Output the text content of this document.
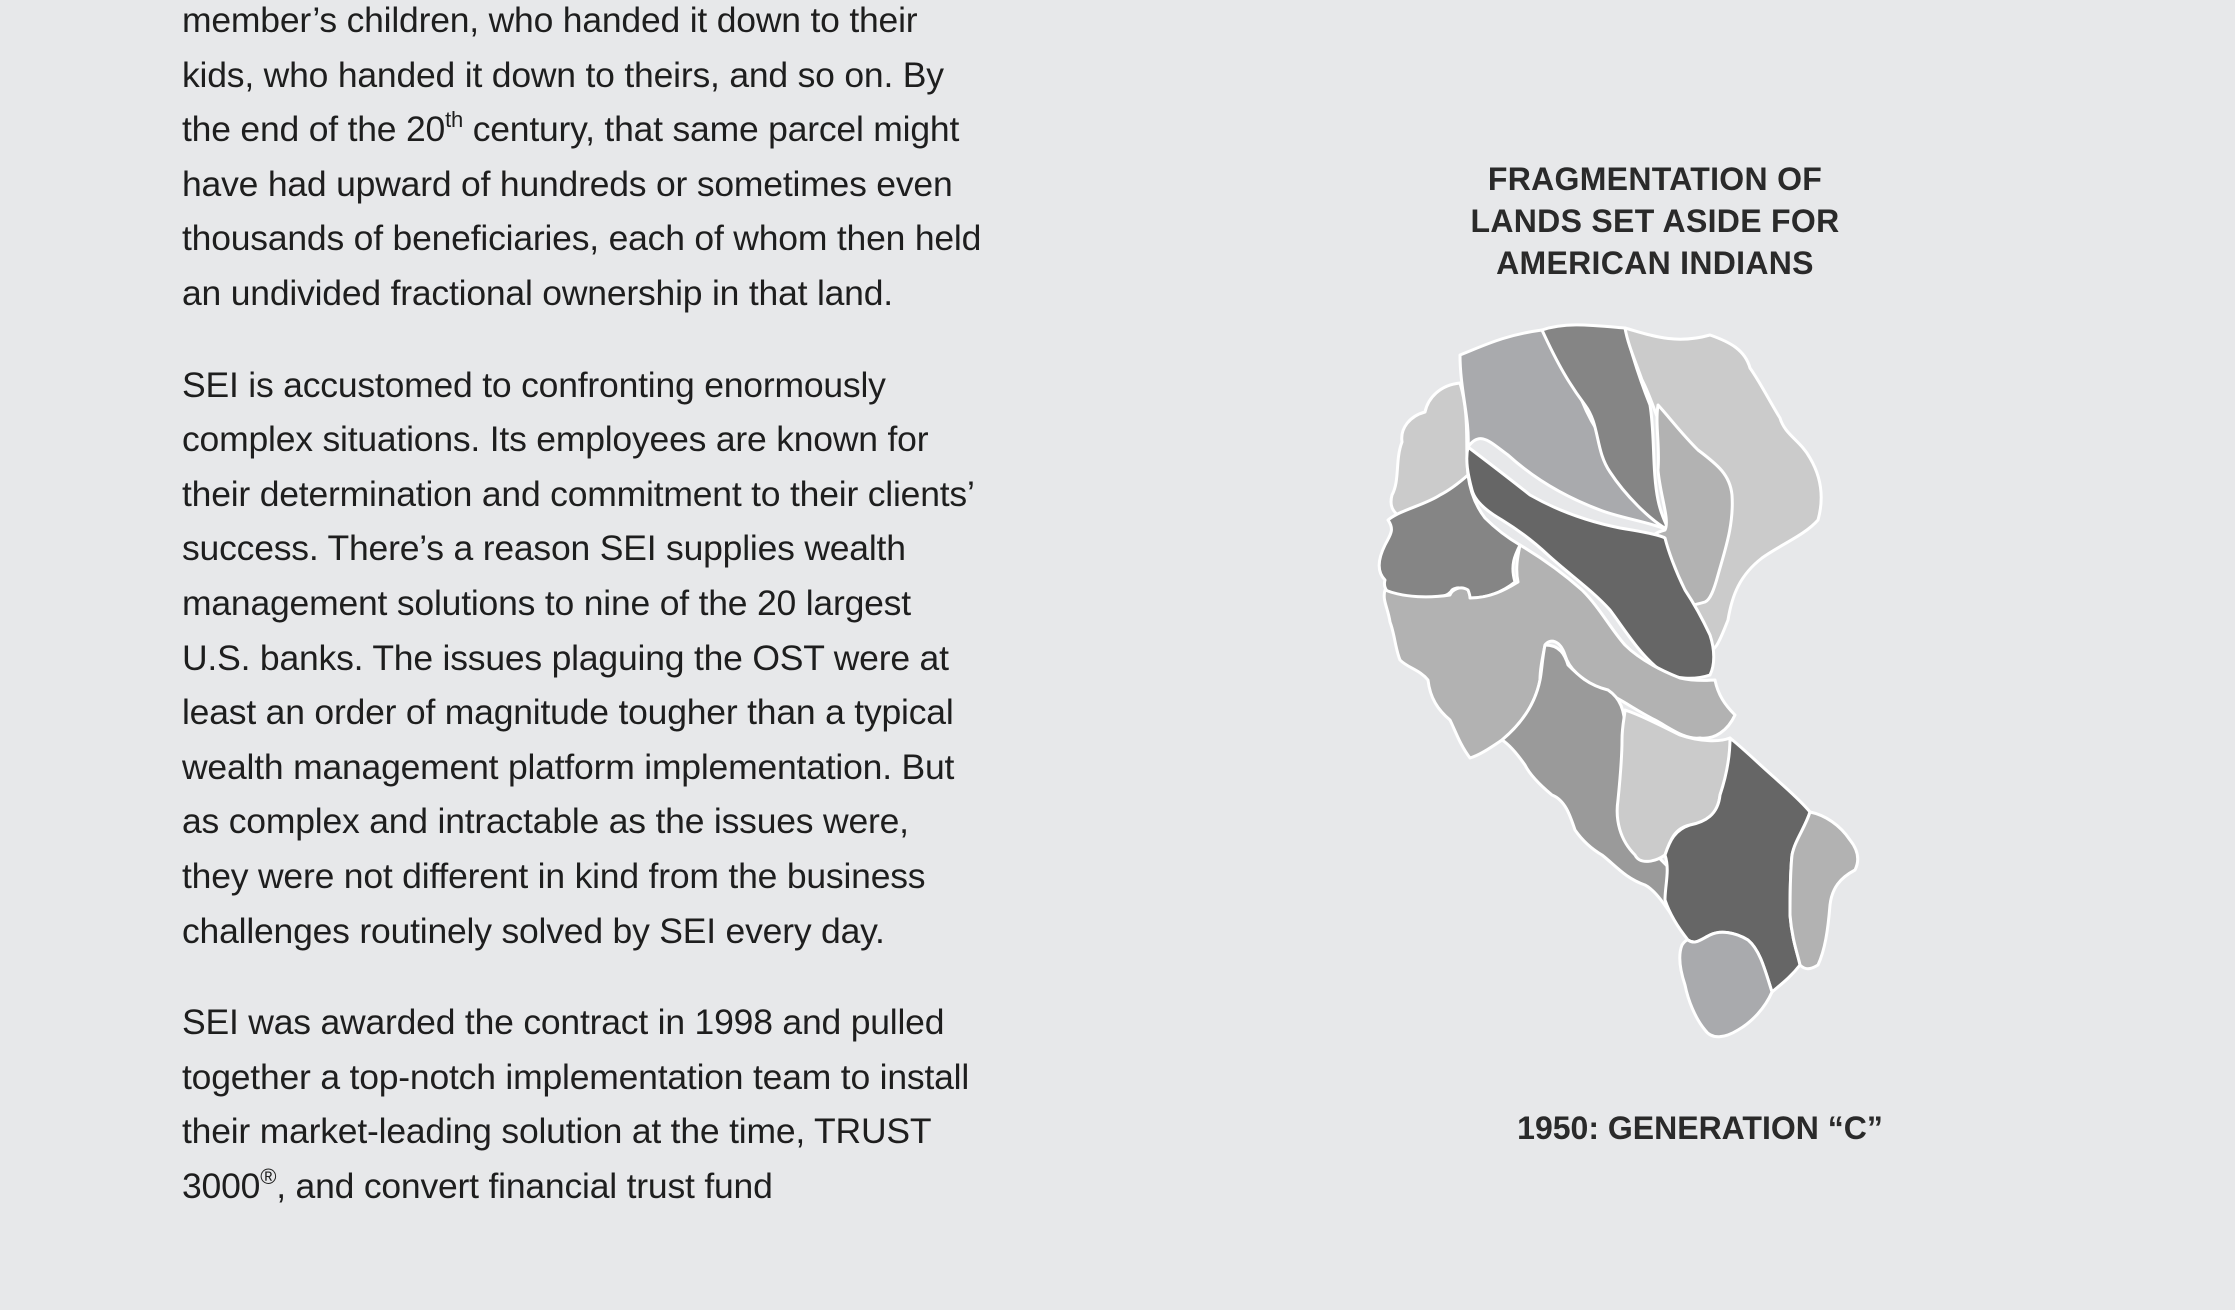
member’s children, who handed it down to their kids, who handed it down to theirs, and so on. By the end of the 20th century, that same parcel might have had upward of hundreds or sometimes even thousands of beneficiaries, each of whom then held an undivided fractional ownership in that land.

SEI is accustomed to confronting enormously complex situations. Its employees are known for their determination and commitment to their clients’ success. There’s a reason SEI supplies wealth management solutions to nine of the 20 largest U.S. banks. The issues plaguing the OST were at least an order of magnitude tougher than a typical wealth management platform implementation. But as complex and intractable as the issues were, they were not different in kind from the business challenges routinely solved by SEI every day.

SEI was awarded the contract in 1998 and pulled together a top-notch implementation team to install their market-leading solution at the time, TRUST 3000®, and convert financial trust fund

FRAGMENTATION OF
LANDS SET ASIDE FOR
AMERICAN INDIANS
1950: GENERATION “C”
